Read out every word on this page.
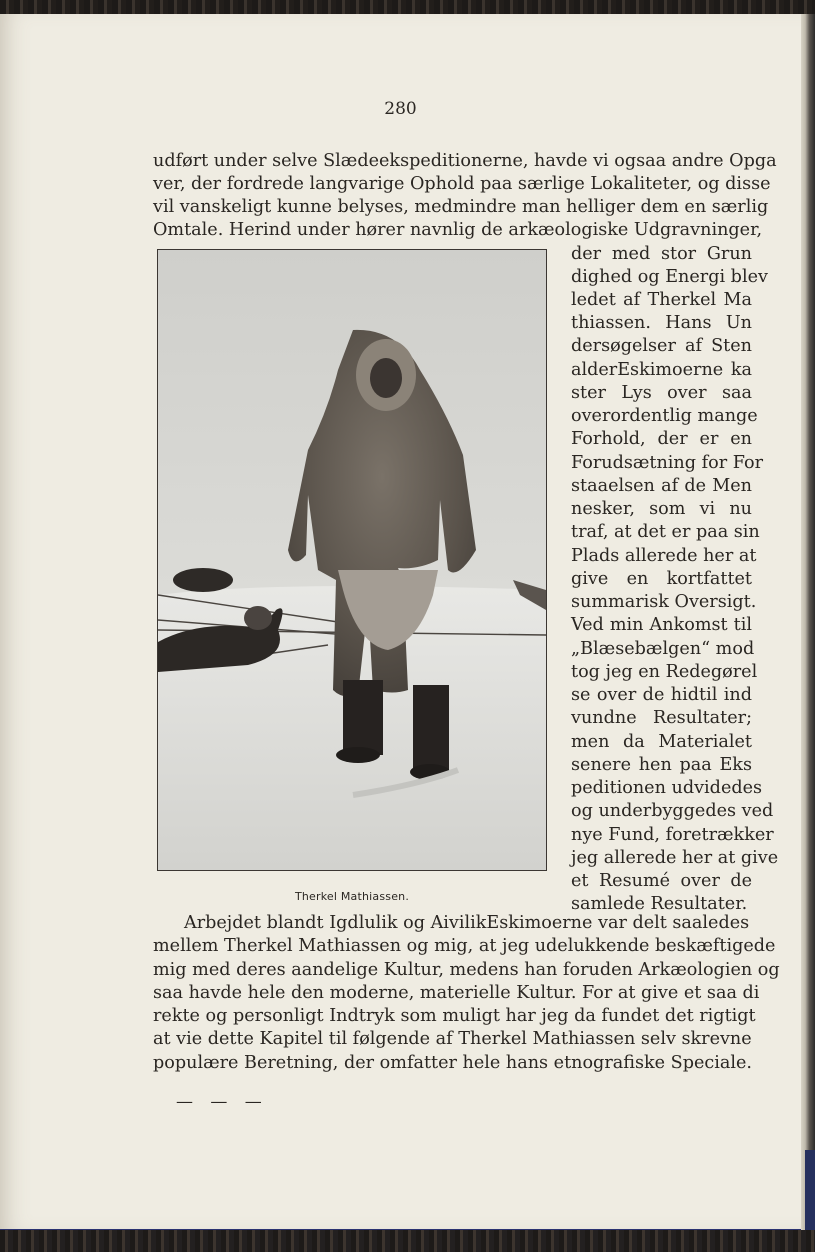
280
udført under selve Slædeekspeditionerne, havde vi ogsaa andre Opga
ver, der fordrede langvarige Ophold paa særlige Lokaliteter, og disse
vil vanskeligt kunne belyses, medmindre man helliger dem en særlig
Omtale. Herind under hører navnlig de arkæologiske Udgravninger,
der med stor Grun
dighed og Energi blev
ledet af Therkel Ma
thiassen. Hans Un
dersøgelser af Sten
alderEskimoerne ka
ster Lys over saa
overordentlig mange
Forhold, der er en
Forudsætning for For
staaelsen af de Men
nesker, som vi nu
traf, at det er paa sin
Plads allerede her at
give en kortfattet
summarisk Oversigt.
Ved min Ankomst til
„Blæsebælgen“ mod
tog jeg en Redegørel
se over de hidtil ind
vundne Resultater;
men da Materialet
senere hen paa Eks
peditionen udvidedes
og underbyggedes ved
nye Fund, foretrækker
jeg allerede her at give
et Resumé over de
samlede Resultater.
Therkel Mathiassen.
Arbejdet blandt Igdlulik og AivilikEskimoerne var delt saaledes
mellem Therkel Mathiassen og mig, at jeg udelukkende beskæftigede
mig med deres aandelige Kultur, medens han foruden Arkæologien og
saa havde hele den moderne, materielle Kultur. For at give et saa di
rekte og personligt Indtryk som muligt har jeg da fundet det rigtigt
at vie dette Kapitel til følgende af Therkel Mathiassen selv skrevne
populære Beretning, der omfatter hele hans etnografiske Speciale.
— — —
